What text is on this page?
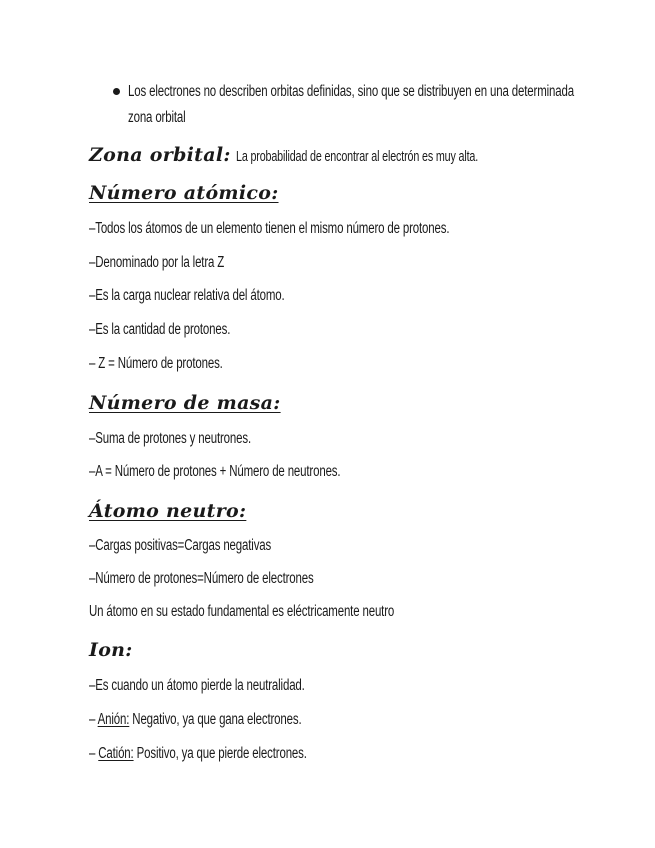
Los electrones no describen orbitas definidas, sino que se distribuyen en una determinada
zona orbital
Zona orbital: La probabilidad de encontrar al electrón es muy alta.
Número atómico:
–Todos los átomos de un elemento tienen el mismo número de protones.
–Denominado por la letra Z
–Es la carga nuclear relativa del átomo.
–Es la cantidad de protones.
– Z = Número de protones.
Número de masa:
–Suma de protones y neutrones.
–A = Número de protones + Número de neutrones.
Átomo neutro:
–Cargas positivas=Cargas negativas
–Número de protones=Número de electrones
Un átomo en su estado fundamental es eléctricamente neutro
Ion:
–Es cuando un átomo pierde la neutralidad.
– Anión: Negativo, ya que gana electrones.
– Catión: Positivo, ya que pierde electrones.
